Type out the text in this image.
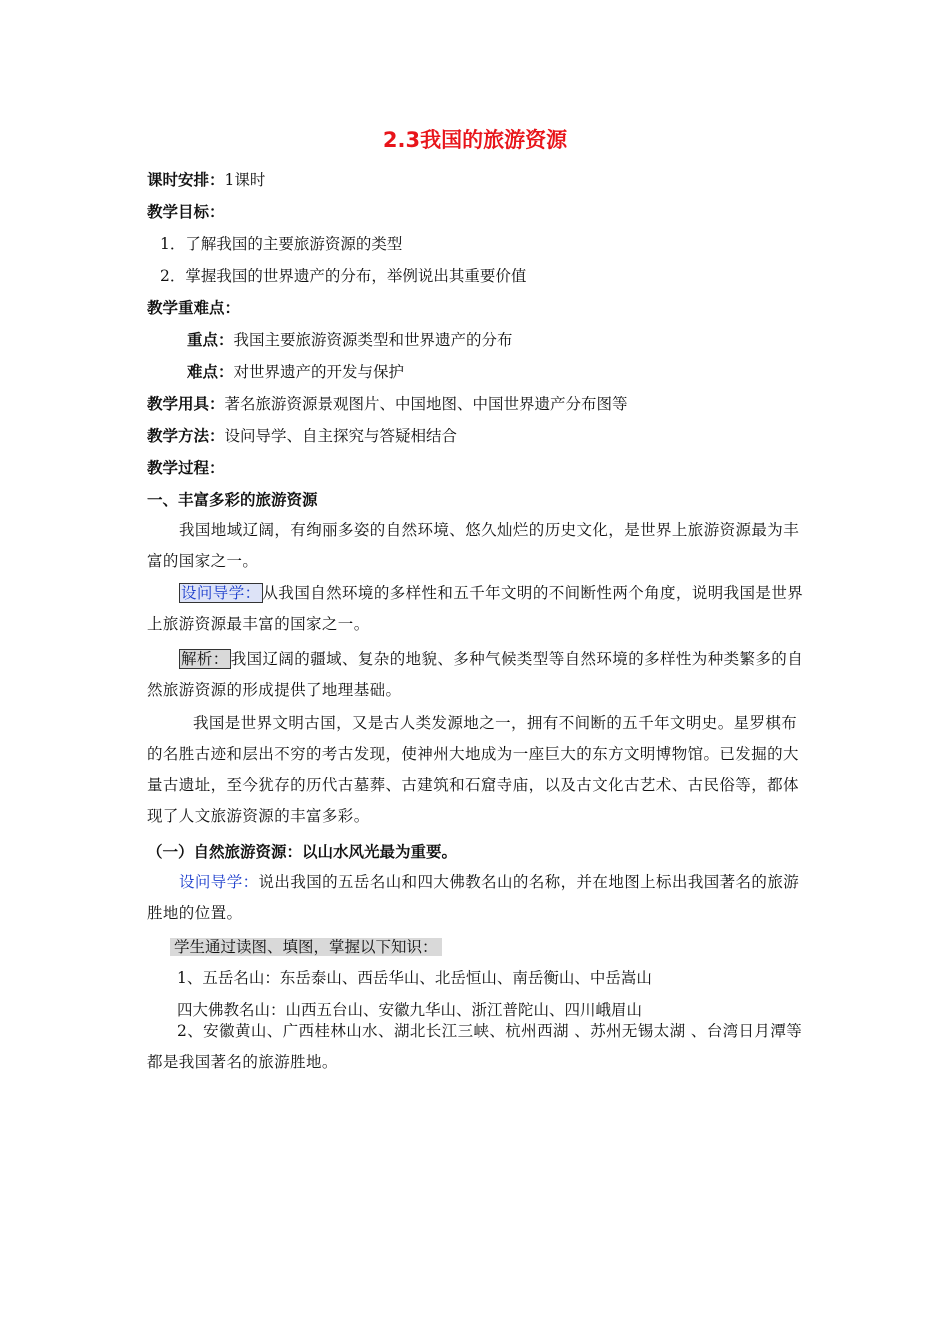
2.3我国的旅游资源
课时安排：1课时
教学目标：
1．了解我国的主要旅游资源的类型
2．掌握我国的世界遗产的分布，举例说出其重要价值
教学重难点：
重点：我国主要旅游资源类型和世界遗产的分布
难点：对世界遗产的开发与保护
教学用具：著名旅游资源景观图片、中国地图、中国世界遗产分布图等
教学方法：设问导学、自主探究与答疑相结合
教学过程：
一、丰富多彩的旅游资源
我国地域辽阔，有绚丽多姿的自然环境、悠久灿烂的历史文化，是世界上旅游资源最为丰富的国家之一。
设问导学： 从我国自然环境的多样性和五千年文明的不间断性两个角度，说明我国是世界上旅游资源最丰富的国家之一。
解析： 我国辽阔的疆域、复杂的地貌、多种气候类型等自然环境的多样性为种类繁多的自然旅游资源的形成提供了地理基础。
我国是世界文明古国，又是古人类发源地之一，拥有不间断的五千年文明史。星罗棋布的名胜古迹和层出不穷的考古发现，使神州大地成为一座巨大的东方文明博物馆。已发掘的大量古遗址，至今犹存的历代古墓葬、古建筑和石窟寺庙，以及古文化古艺术、古民俗等，都体现了人文旅游资源的丰富多彩。
（一）自然旅游资源：以山水风光最为重要。
设问导学：说出我国的五岳名山和四大佛教名山的名称，并在地图上标出我国著名的旅游胜地的位置。
学生通过读图、填图，掌握以下知识：
1、五岳名山：东岳泰山、西岳华山、北岳恒山、南岳衡山、中岳嵩山
四大佛教名山：山西五台山、安徽九华山、浙江普陀山、四川峨眉山
2、安徽黄山、广西桂林山水、湖北长江三峡、杭州西湖 、苏州无锡太湖 、台湾日月潭等都是我国著名的旅游胜地。
